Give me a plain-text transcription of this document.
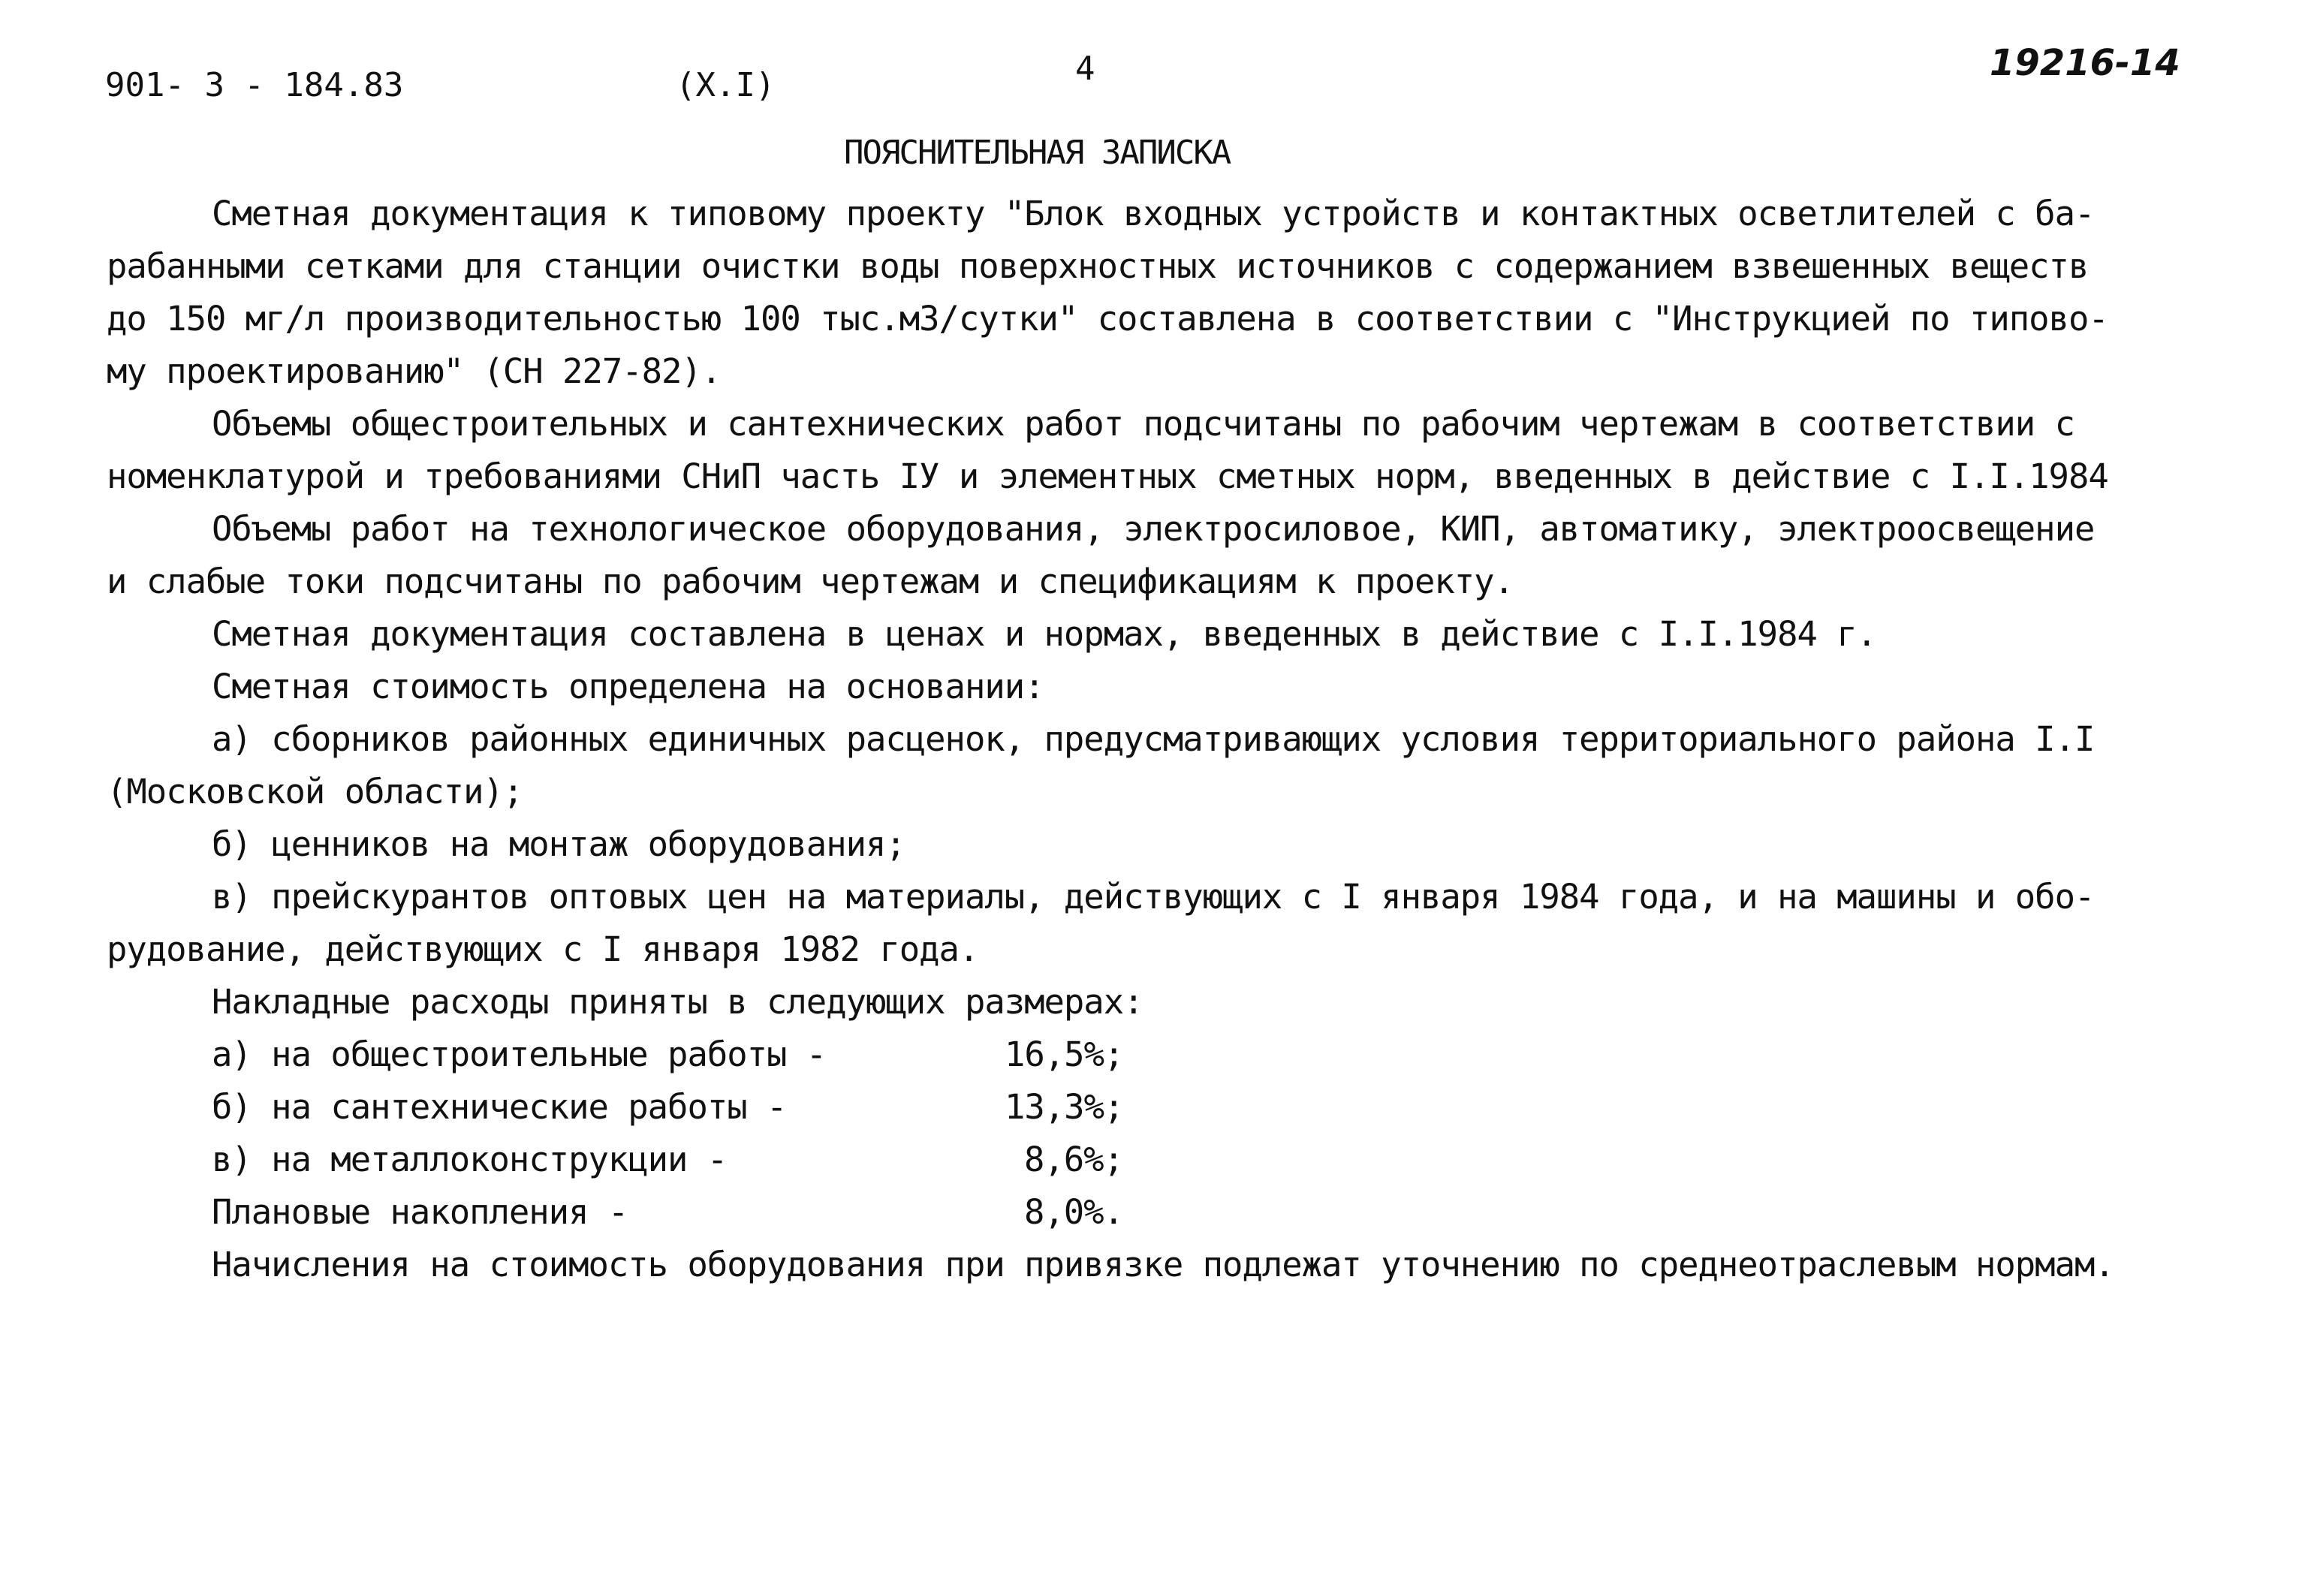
901- 3 - 184.83	(X.I)	4	19216-14
ПОЯСНИТЕЛЬНАЯ ЗАПИСКА
Сметная документация к типовому проекту "Блок входных устройств и контактных осветлителей с ба-
рабанными сетками для станции очистки воды поверхностных источников с содержанием взвешенных веществ
до 150 мг/л производительностью 100 тыс.м3/сутки" составлена в соответствии с "Инструкцией по типово-
му проектированию" (СН 227-82).
Объемы общестроительных и сантехнических работ подсчитаны по рабочим чертежам в соответствии с
номенклатурой и требованиями СНиП часть IУ и элементных сметных норм, введенных в действие с I.I.1984
Объемы работ на технологическое оборудования, электросиловое, КИП, автоматику, электроосвещение
и слабые токи подсчитаны по рабочим чертежам и спецификациям к проекту.
Сметная документация составлена в ценах и нормах, введенных в действие с I.I.1984 г.
Сметная стоимость определена на основании:
а) сборников районных единичных расценок, предусматривающих условия территориального района I.I
(Московской области);
б) ценников на монтаж оборудования;
в) прейскурантов оптовых цен на материалы, действующих с I января 1984 года, и на машины и обо-
рудование, действующих с I января 1982 года.
Накладные расходы приняты в следующих размерах:
а) на общестроительные работы -	16,5%;
б) на сантехнические работы -	13,3%;
в) на металлоконструкции -	8,6%;
Плановые накопления -	8,0%.
Начисления на стоимость оборудования при привязке подлежат уточнению по среднеотраслевым нормам.
